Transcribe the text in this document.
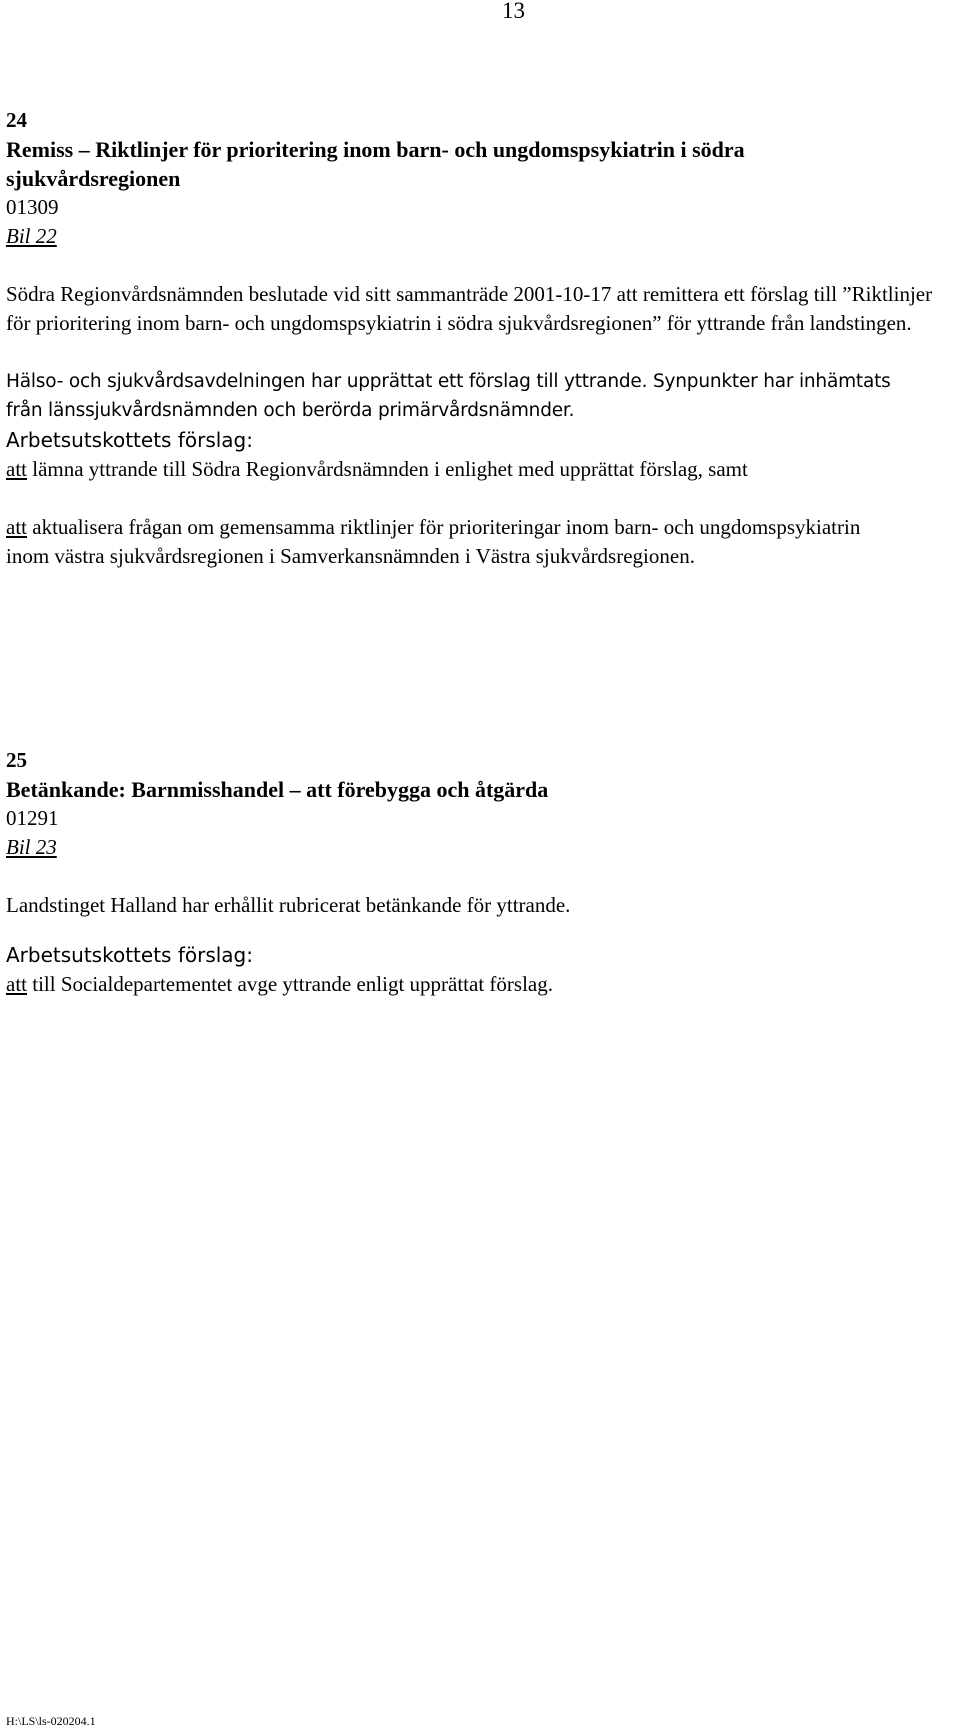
13
24
Remiss – Riktlinjer för prioritering inom barn- och ungdomspsykiatrin i södra
sjukvårdsregionen
01309
Bil 22

Södra Regionvårdsnämnden beslutade vid sitt sammanträde 2001-10-17 att remittera ett förslag till ”Riktlinjer för prioritering inom barn- och ungdomspsykiatrin i södra sjukvårdsregionen” för yttrande från landstingen.

Hälso- och sjukvårdsavdelningen har upprättat ett förslag till yttrande. Synpunkter har inhämtats från länssjukvårdsnämnden och berörda primärvårdsnämnder.

Arbetsutskottets förslag:

att lämna yttrande till Södra Regionvårdsnämnden i enlighet med upprättat förslag, samt

att aktualisera frågan om gemensamma riktlinjer för prioriteringar inom barn- och ungdomspsykiatrin inom västra sjukvårdsregionen i Samverkansnämnden i Västra sjukvårdsregionen.

25
Betänkande: Barnmisshandel – att förebygga och åtgärda
01291
Bil 23

Landstinget Halland har erhållit rubricerat betänkande för yttrande.

Arbetsutskottets förslag:

att till Socialdepartementet avge yttrande enligt upprättat förslag.

H:\LS\ls-020204.1
